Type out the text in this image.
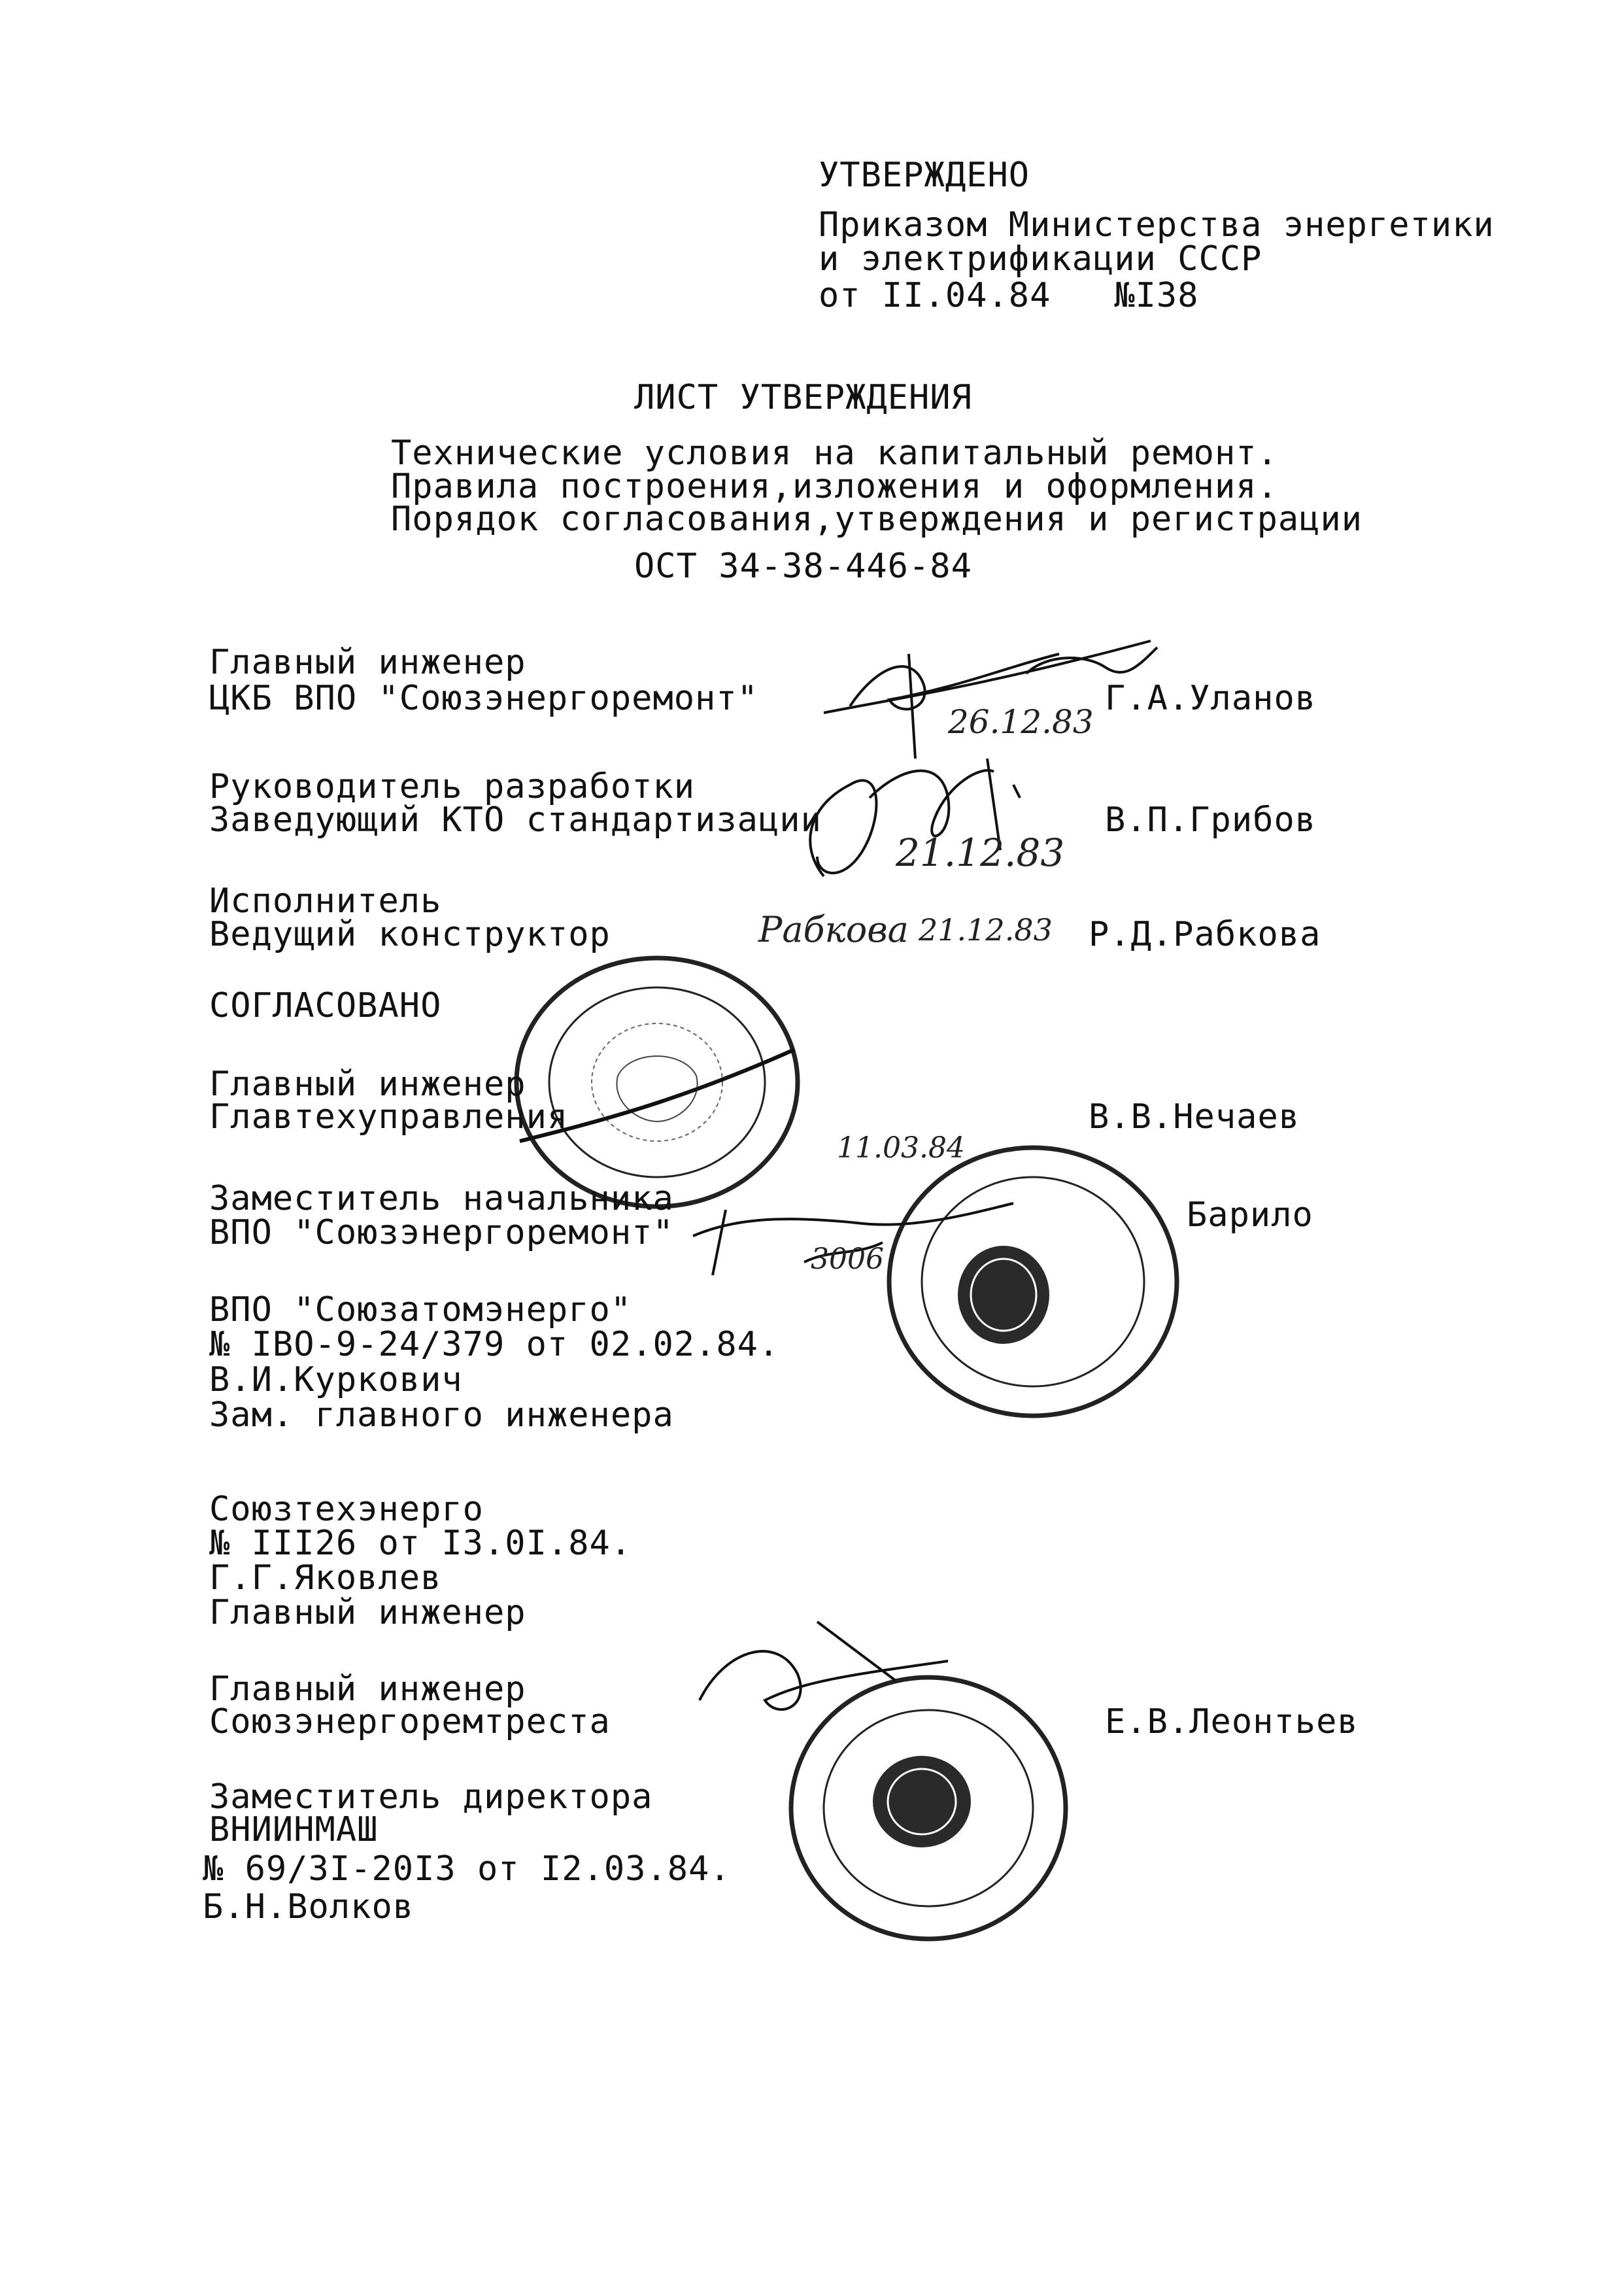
УТВЕРЖДЕНО
Приказом Министерства энергетики
и электрификации СССР
от II.04.84   №I38
ЛИСТ УТВЕРЖДЕНИЯ
Технические условия на капитальный ремонт.
Правила построения,изложения и оформления.
Порядок согласования,утверждения и регистрации
ОСТ 34-38-446-84
Главный инженер
ЦКБ ВПО "Союзэнергоремонт"	Г.А.Уланов
26.12.83
Руководитель разработки
Заведующий КТО стандартизации	В.П.Грибов
21.12.83
Исполнитель
Ведущий конструктор	Р.Д.Рабкова
Рабкова 21.12.83
СОГЛАСОВАНО
Главный инженер
Главтехуправления	В.В.Нечаев
11.03.84
Заместитель начальника
ВПО "Союзэнергоремонт"	Барило
3006
ВПО "Союзатомэнерго"
№ IВО-9-24/379 от 02.02.84.
В.И.Куркович
Зам. главного инженера
Союзтехэнерго
№ III26 от I3.0I.84.
Г.Г.Яковлев
Главный инженер
Главный инженер
Союзэнергоремтреста	Е.В.Леонтьев
Заместитель директора
ВНИИНМАШ
№ 69/3I-20I3 от I2.03.84.
Б.Н.Волков
